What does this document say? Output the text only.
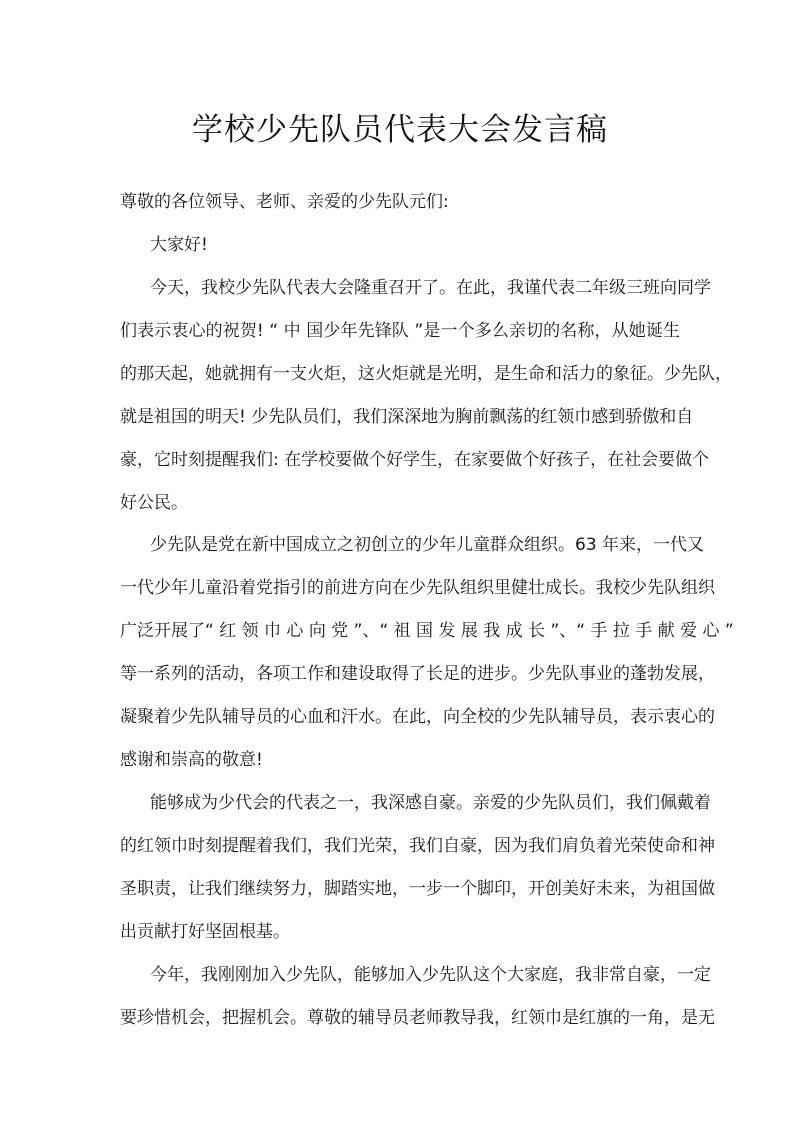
学校少先队员代表大会发言稿
尊敬的各位领导、老师、亲爱的少先队元们:
大家好!
今天，我校少先队代表大会隆重召开了。在此，我谨代表二年级三班向同学
们表示衷心的祝贺! “ 中 国少年先锋队 ”是一个多么亲切的名称，从她诞生
的那天起，她就拥有一支火炬，这火炬就是光明，是生命和活力的象征。少先队，
就是祖国的明天! 少先队员们，我们深深地为胸前飘荡的红领巾感到骄傲和自
豪，它时刻提醒我们: 在学校要做个好学生，在家要做个好孩子，在社会要做个
好公民。
少先队是党在新中国成立之初创立的少年儿童群众组织。63 年来，一代又
一代少年儿童沿着党指引的前进方向在少先队组织里健壮成长。我校少先队组织
广泛开展了“ 红 领 巾 心 向 党 ”、“ 祖 国 发 展 我 成 长 ”、“ 手 拉 手 献 爱 心 ”
等一系列的活动，各项工作和建设取得了长足的进步。少先队事业的蓬勃发展，
凝聚着少先队辅导员的心血和汗水。在此，向全校的少先队辅导员，表示衷心的
感谢和崇高的敬意!
能够成为少代会的代表之一，我深感自豪。亲爱的少先队员们，我们佩戴着
的红领巾时刻提醒着我们，我们光荣，我们自豪，因为我们肩负着光荣使命和神
圣职责，让我们继续努力，脚踏实地，一步一个脚印，开创美好未来，为祖国做
出贡献打好坚固根基。
今年，我刚刚加入少先队，能够加入少先队这个大家庭，我非常自豪，一定
要珍惜机会，把握机会。尊敬的辅导员老师教导我，红领巾是红旗的一角，是无
